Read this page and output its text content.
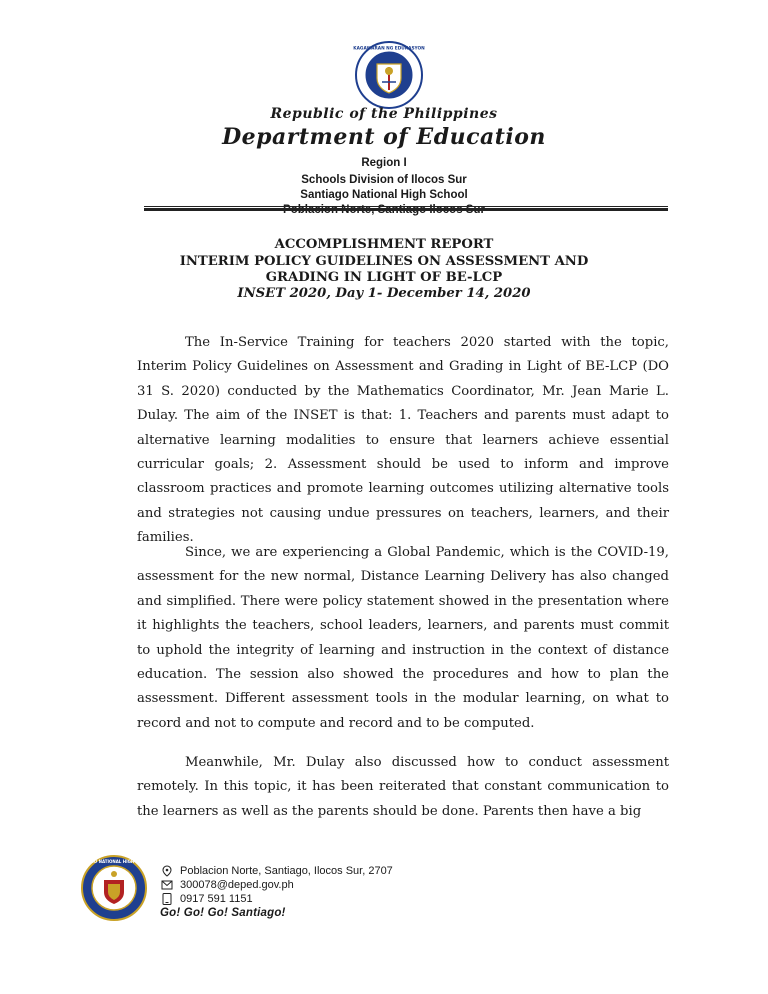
KAGAWARAN NG EDUKASYON
Republic of the Philippines
Department of Education
Region I
Schools Division of Ilocos Sur
Santiago National High School
ACCOMPLISHMENT REPORT
INTERIM POLICY GUIDELINES ON ASSESSMENT AND
GRADING IN LIGHT OF BE-LCP
INSET 2020, Day 1- December 14, 2020

The In-Service Training for teachers 2020 started with the topic, Interim Policy Guidelines on Assessment and Grading in Light of BE-LCP (DO 31 S. 2020) conducted by the Mathematics Coordinator, Mr. Jean Marie L. Dulay. The aim of the INSET is that: 1. Teachers and parents must adapt to alternative learning modalities to ensure that learners achieve essential curricular goals; 2. Assessment should be used to inform and improve classroom practices and promote learning outcomes utilizing alternative tools and strategies not causing undue pressures on teachers, learners, and their families.

Since, we are experiencing a Global Pandemic, which is the COVID-19, assessment for the new normal, Distance Learning Delivery has also changed and simplified. There were policy statement showed in the presentation where it highlights the teachers, school leaders, learners, and parents must commit to uphold the integrity of learning and instruction in the context of distance education. The session also showed the procedures and how to plan the assessment. Different assessment tools in the modular learning, on what to record and not to compute and record and to be computed.

Meanwhile, Mr. Dulay also discussed how to conduct assessment remotely. In this topic, it has been reiterated that constant communication to the learners as well as the parents should be done. Parents then have a big

SANTIAGO NATIONAL HIGH SCHOOL
Poblacion Norte, Santiago, Ilocos Sur, 2707
300078@deped.gov.ph
0917 591 1151
Go! Go! Go! Santiago!
